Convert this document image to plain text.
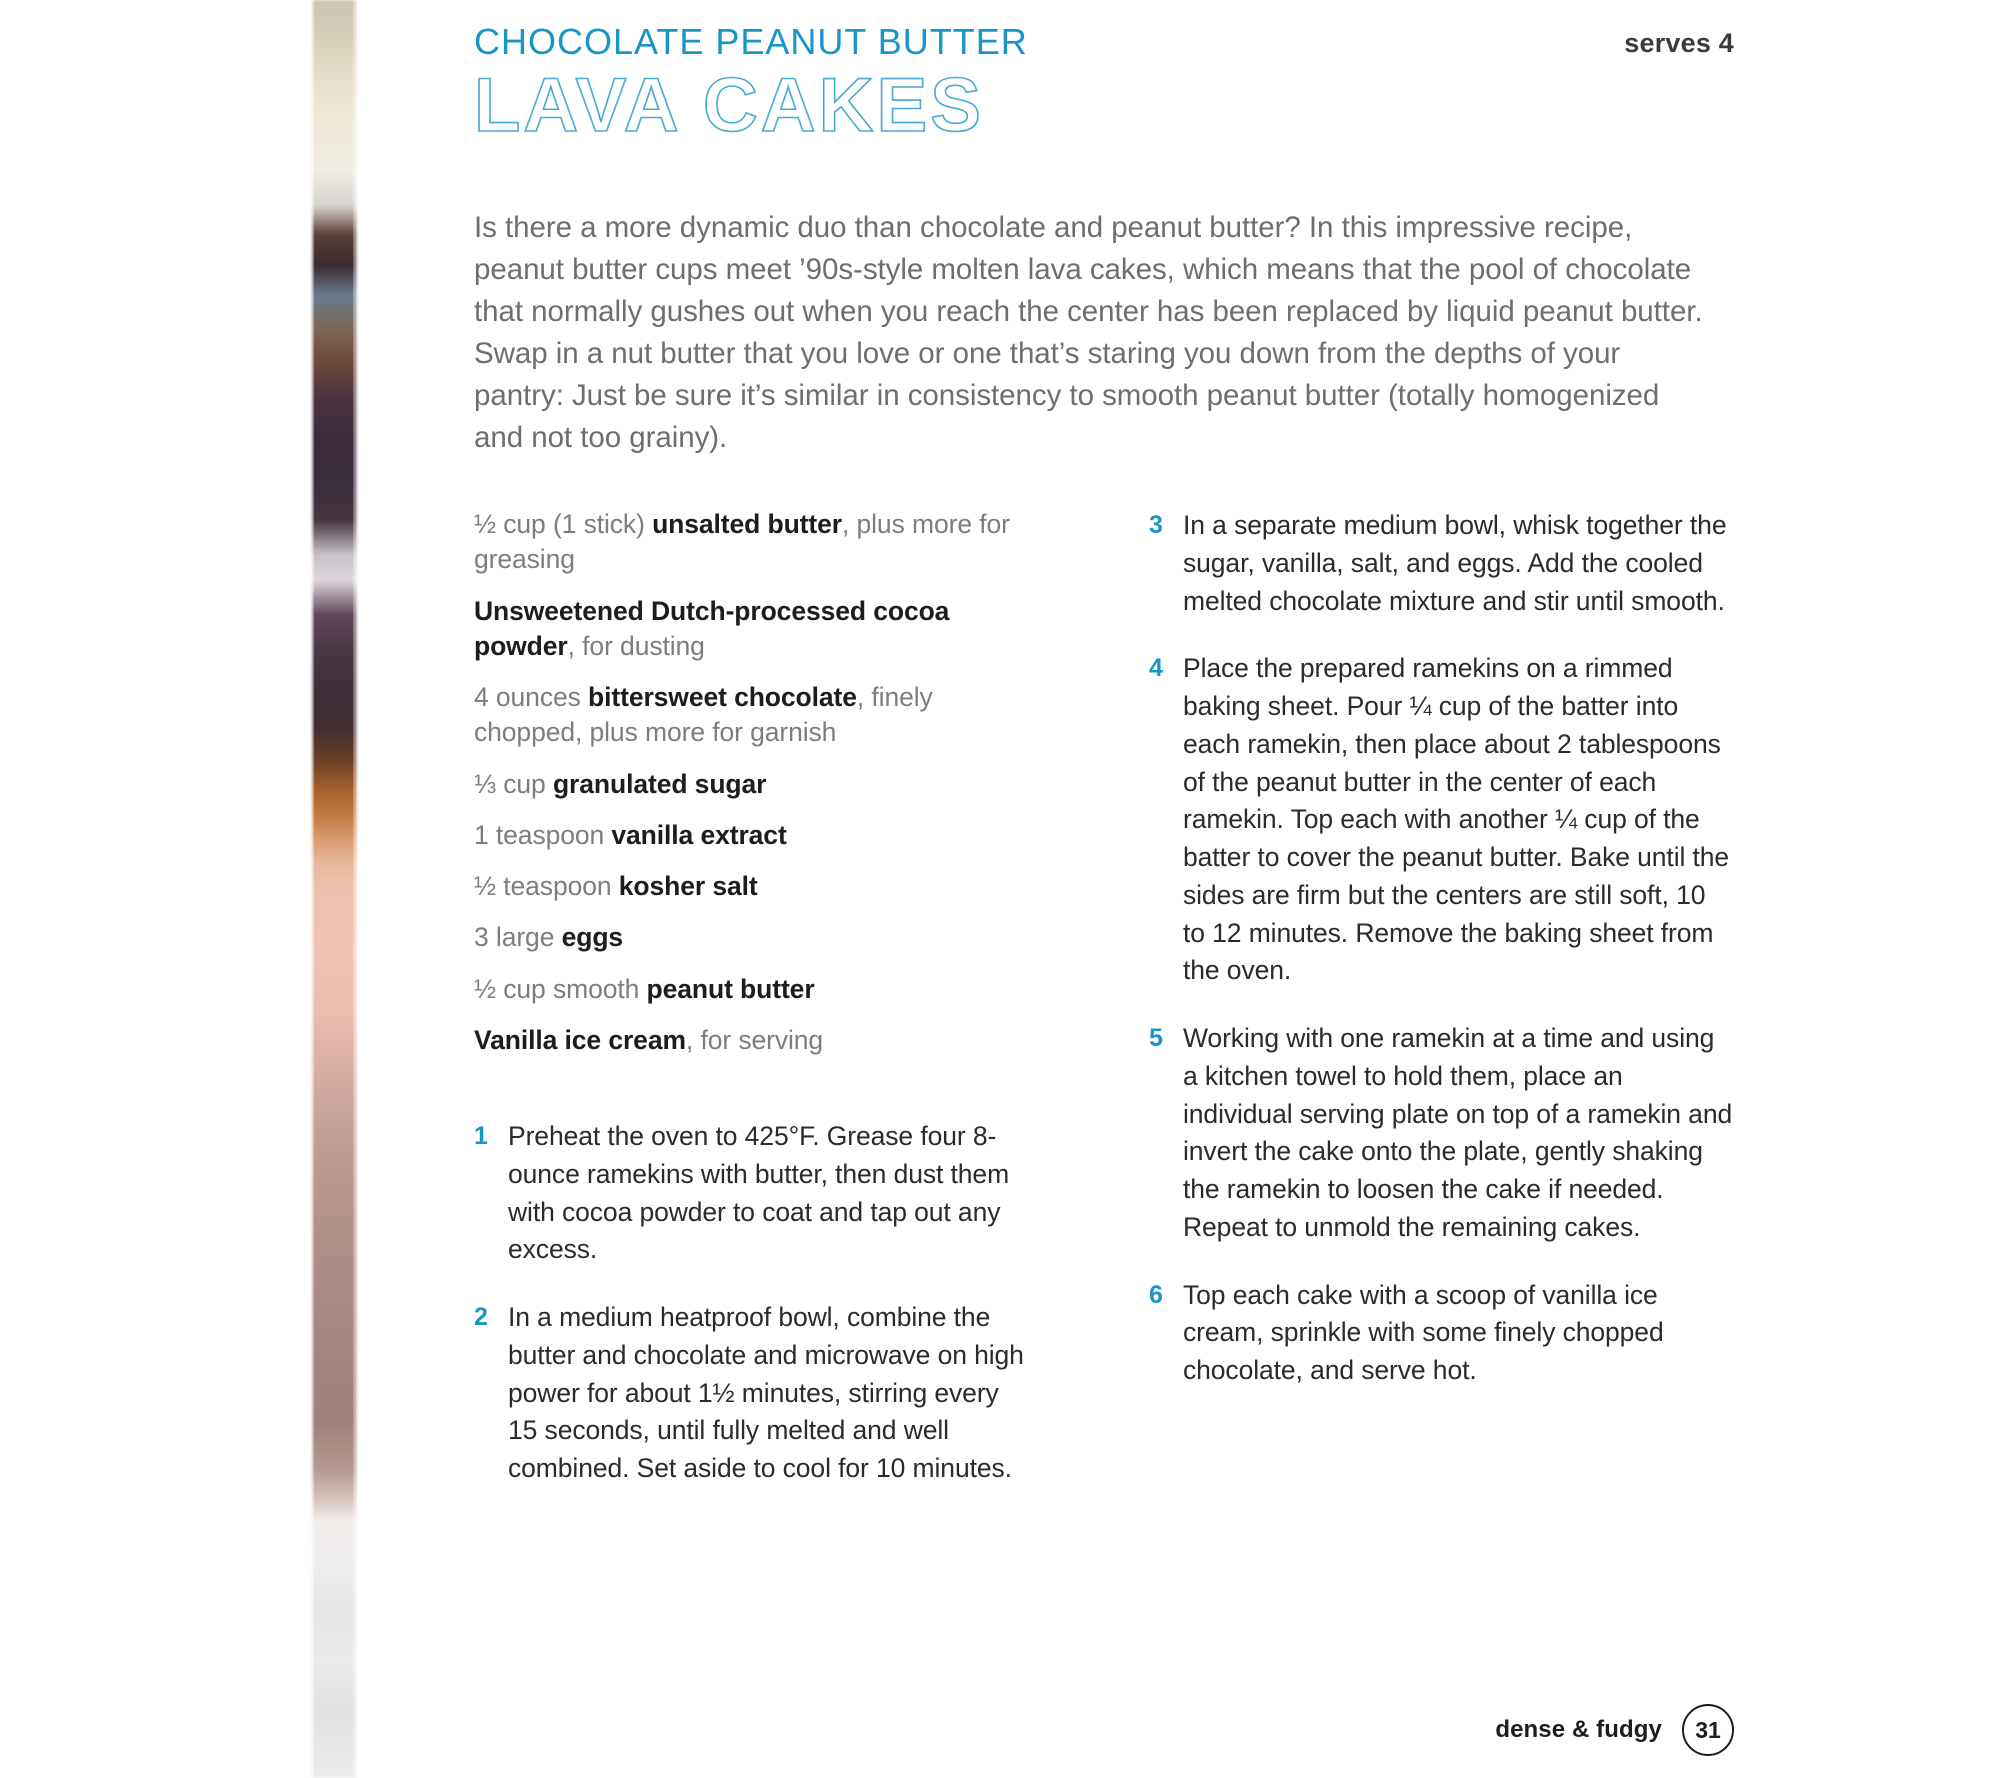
CHOCOLATE PEANUT BUTTER	serves 4
LAVA CAKES
Is there a more dynamic duo than chocolate and peanut butter? In this impressive recipe, peanut butter cups meet ’90s-style molten lava cakes, which means that the pool of chocolate that normally gushes out when you reach the center has been replaced by liquid peanut butter. Swap in a nut butter that you love or one that’s staring you down from the depths of your pantry: Just be sure it’s similar in consistency to smooth peanut butter (totally homogenized and not too grainy).
½ cup (1 stick) unsalted butter, plus more for greasing
Unsweetened Dutch-processed cocoa powder, for dusting
4 ounces bittersweet chocolate, finely chopped, plus more for garnish
⅓ cup granulated sugar
1 teaspoon vanilla extract
½ teaspoon kosher salt
3 large eggs
½ cup smooth peanut butter
Vanilla ice cream, for serving
1 Preheat the oven to 425°F. Grease four 8-ounce ramekins with butter, then dust them with cocoa powder to coat and tap out any excess.
2 In a medium heatproof bowl, combine the butter and chocolate and microwave on high power for about 1½ minutes, stirring every 15 seconds, until fully melted and well combined. Set aside to cool for 10 minutes.
3 In a separate medium bowl, whisk together the sugar, vanilla, salt, and eggs. Add the cooled melted chocolate mixture and stir until smooth.
4 Place the prepared ramekins on a rimmed baking sheet. Pour ¼ cup of the batter into each ramekin, then place about 2 tablespoons of the peanut butter in the center of each ramekin. Top each with another ¼ cup of the batter to cover the peanut butter. Bake until the sides are firm but the centers are still soft, 10 to 12 minutes. Remove the baking sheet from the oven.
5 Working with one ramekin at a time and using a kitchen towel to hold them, place an individual serving plate on top of a ramekin and invert the cake onto the plate, gently shaking the ramekin to loosen the cake if needed. Repeat to unmold the remaining cakes.
6 Top each cake with a scoop of vanilla ice cream, sprinkle with some finely chopped chocolate, and serve hot.
dense & fudgy	31
